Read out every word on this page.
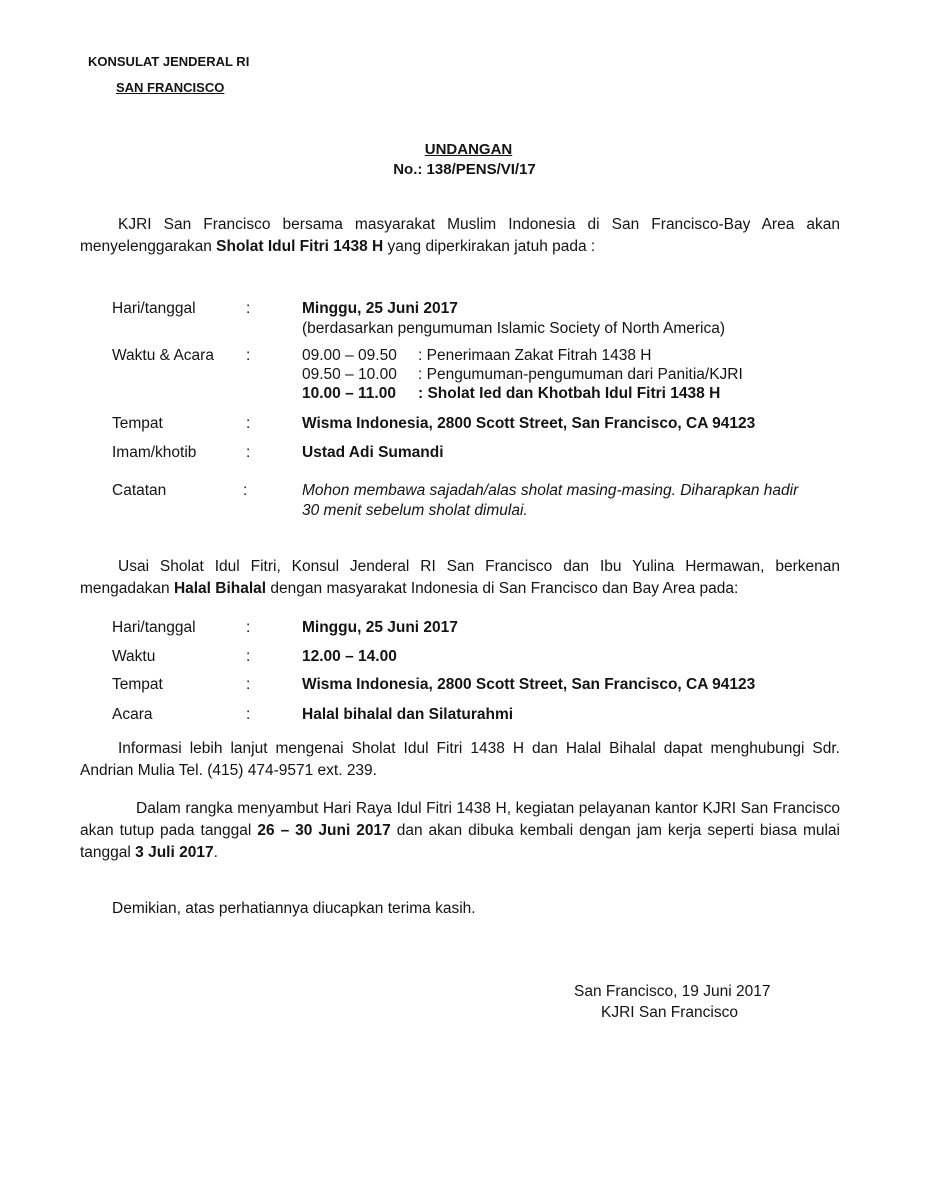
KONSULAT JENDERAL RI
SAN FRANCISCO
UNDANGAN
No.: 138/PENS/VI/17
KJRI San Francisco bersama masyarakat Muslim Indonesia di San Francisco-Bay Area akan menyelenggarakan Sholat Idul Fitri 1438 H yang diperkirakan jatuh pada :
Hari/tanggal	:	Minggu, 25 Juni 2017
(berdasarkan pengumuman Islamic Society of North America)
Waktu & Acara :	09.00 – 09.50 : Penerimaan Zakat Fitrah 1438 H
09.50 – 10.00 : Pengumuman-pengumuman dari Panitia/KJRI
10.00 – 11.00 : Sholat Ied dan Khotbah Idul Fitri 1438 H
Tempat	:	Wisma Indonesia, 2800 Scott Street, San Francisco, CA 94123
Imam/khotib	:	Ustad Adi Sumandi
Catatan	:	Mohon membawa sajadah/alas sholat masing-masing. Diharapkan hadir
30 menit sebelum sholat dimulai.
Usai Sholat Idul Fitri, Konsul Jenderal RI San Francisco dan Ibu Yulina Hermawan, berkenan mengadakan Halal Bihalal dengan masyarakat Indonesia di San Francisco dan Bay Area pada:
Hari/tanggal	:	Minggu, 25 Juni 2017
Waktu	:	12.00 – 14.00
Tempat	:	Wisma Indonesia, 2800 Scott Street, San Francisco, CA 94123
Acara	:	Halal bihalal dan Silaturahmi
Informasi lebih lanjut mengenai Sholat Idul Fitri 1438 H dan Halal Bihalal dapat menghubungi Sdr. Andrian Mulia Tel. (415) 474-9571 ext. 239.
Dalam rangka menyambut Hari Raya Idul Fitri 1438 H, kegiatan pelayanan kantor KJRI San Francisco akan tutup pada tanggal 26 – 30 Juni 2017 dan akan dibuka kembali dengan jam kerja seperti biasa mulai tanggal 3 Juli 2017.
Demikian, atas perhatiannya diucapkan terima kasih.
San Francisco, 19 Juni 2017
KJRI San Francisco
